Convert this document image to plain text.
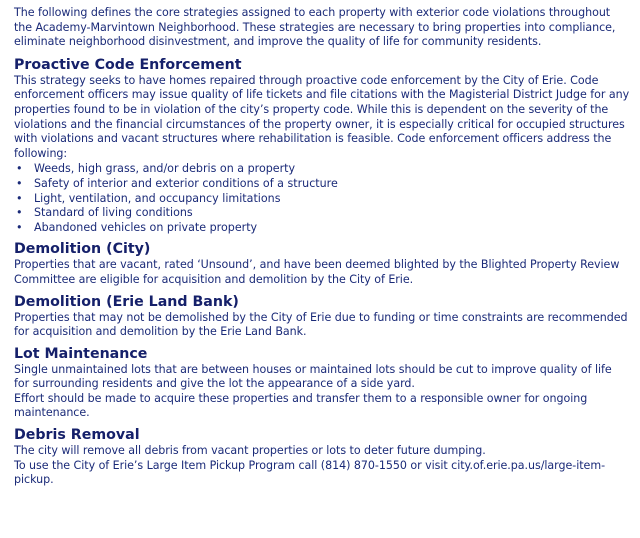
The following defines the core strategies assigned to each property with exterior code violations throughout the Academy-Marvintown Neighborhood. These strategies are necessary to bring properties into compliance, eliminate neighborhood disinvestment, and improve the quality of life for community residents.

Proactive Code Enforcement

This strategy seeks to have homes repaired through proactive code enforcement by the City of Erie. Code enforcement officers may issue quality of life tickets and file citations with the Magisterial District Judge for any properties found to be in violation of the city’s property code. While this is dependent on the severity of the violations and the financial circumstances of the property owner, it is especially critical for occupied structures with violations and vacant structures where rehabilitation is feasible. Code enforcement officers address the following:

• Weeds, high grass, and/or debris on a property
• Safety of interior and exterior conditions of a structure
• Light, ventilation, and occupancy limitations
• Standard of living conditions
• Abandoned vehicles on private property
Demolition (City)

Properties that are vacant, rated ‘Unsound’, and have been deemed blighted by the Blighted Property Review Committee are eligible for acquisition and demolition by the City of Erie.

Demolition (Erie Land Bank)

Properties that may not be demolished by the City of Erie due to funding or time constraints are recommended for acquisition and demolition by the Erie Land Bank.

Lot Maintenance

Single unmaintained lots that are between houses or maintained lots should be cut to improve quality of life for surrounding residents and give the lot the appearance of a side yard.

Effort should be made to acquire these properties and transfer them to a responsible owner for ongoing maintenance.

Debris Removal

The city will remove all debris from vacant properties or lots to deter future dumping.

To use the City of Erie’s Large Item Pickup Program call (814) 870-1550 or visit city.of.erie.pa.us/large-item-pickup.
